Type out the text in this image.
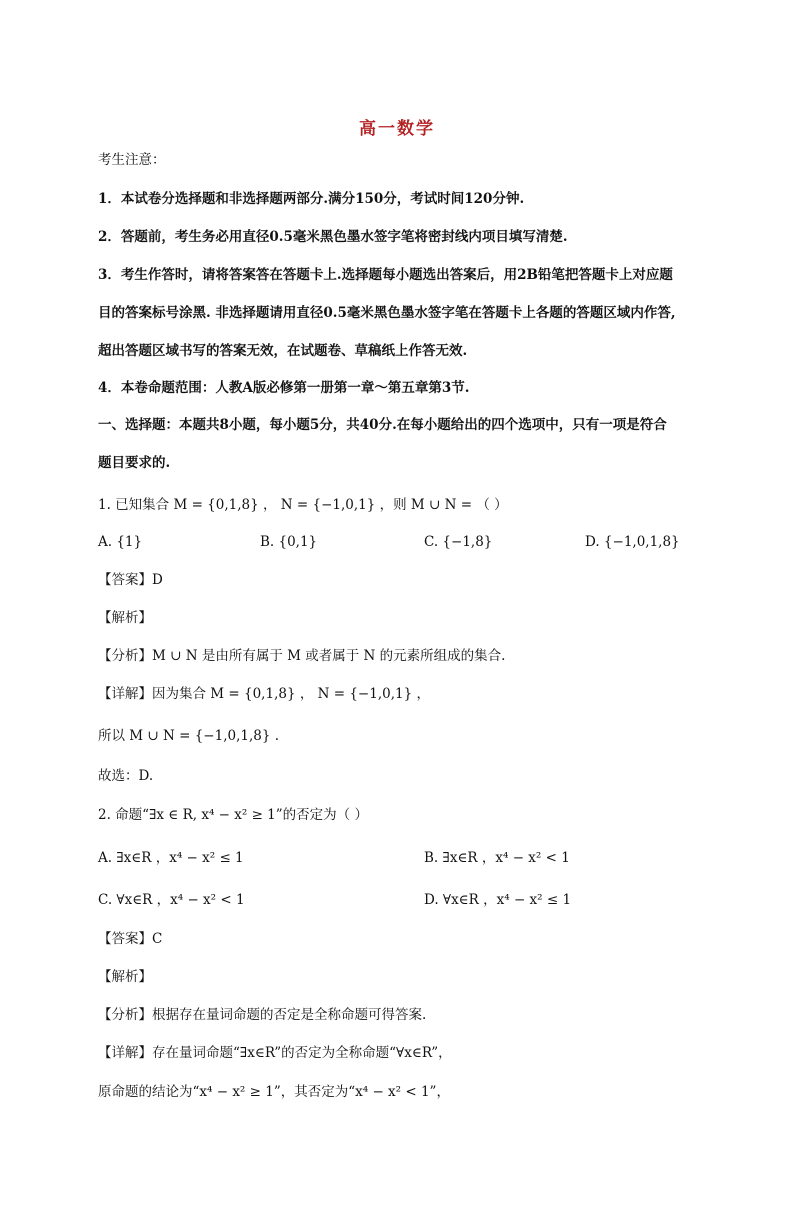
高一数学
考生注意：
1．本试卷分选择题和非选择题两部分.满分150分，考试时间120分钟.
2．答题前，考生务必用直径0.5毫米黑色墨水签字笔将密封线内项目填写清楚.
3．考生作答时，请将答案答在答题卡上.选择题每小题选出答案后，用2B铅笔把答题卡上对应题
目的答案标号涂黑. 非选择题请用直径0.5毫米黑色墨水签字笔在答题卡上各题的答题区域内作答,
超出答题区域书写的答案无效，在试题卷、草稿纸上作答无效.
4．本卷命题范围：人教A版必修第一册第一章～第五章第3节.
一、选择题：本题共8小题，每小题5分，共40分.在每小题给出的四个选项中，只有一项是符合
题目要求的.
1. 已知集合 M = {0,1,8} ， N = {−1,0,1} ，则 M ∪ N = （ ）
A. {1}	B. {0,1}	C. {−1,8}	D. {−1,0,1,8}
【答案】D
【解析】
【分析】M ∪ N 是由所有属于 M 或者属于 N 的元素所组成的集合.
【详解】因为集合 M = {0,1,8} ， N = {−1,0,1} ，
所以 M ∪ N = {−1,0,1,8} .
故选：D.
2. 命题“∃x ∈ R, x⁴ − x² ≥ 1”的否定为（ ）
A. ∃x∈R ，x⁴ − x² ≤ 1	B. ∃x∈R ，x⁴ − x² < 1
C. ∀x∈R ，x⁴ − x² < 1	D. ∀x∈R ，x⁴ − x² ≤ 1
【答案】C
【解析】
【分析】根据存在量词命题的否定是全称命题可得答案.
【详解】存在量词命题“∃x∈R”的否定为全称命题“∀x∈R”，
原命题的结论为“x⁴ − x² ≥ 1”，其否定为“x⁴ − x² < 1”，
